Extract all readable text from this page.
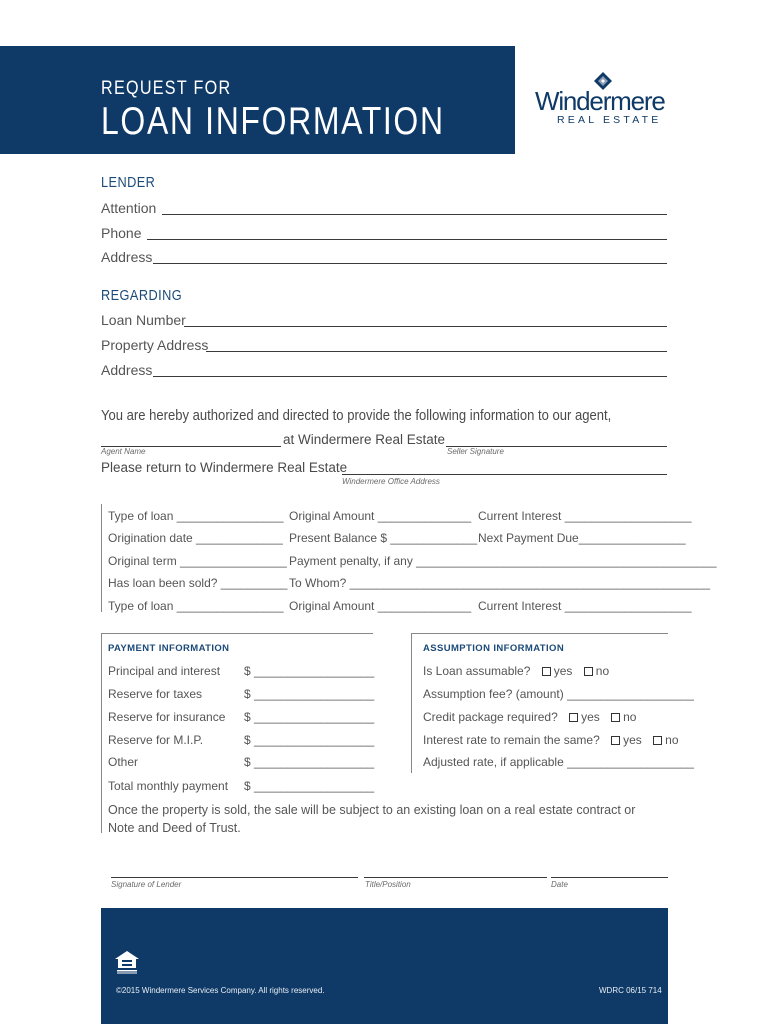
REQUEST FOR
LOAN INFORMATION	Windermere
REAL ESTATE
LENDER
Attention
Phone
Address
REGARDING
Loan Number
Property Address
Address
You are hereby authorized and directed to provide the following information to our agent,
at Windermere Real Estate
Agent Name	Seller Signature
Please return to Windermere Real Estate
Windermere Office Address
Type of loan ________________ Original Amount ______________ Current Interest ___________________
Origination date _____________ Present Balance $ _____________ Next Payment Due________________
Original term ________________ Payment penalty, if any _____________________________________________
Has loan been sold? __________ To Whom? ______________________________________________________
Type of loan ________________ Original Amount ______________ Current Interest ___________________
PAYMENT INFORMATION	ASSUMPTION INFORMATION
Principal and interest $ __________________
Reserve for taxes	$ __________________
Reserve for insurance $ __________________
Reserve for M.I.P.	$ __________________
Other	$ __________________
Total monthly payment $ __________________
Is Loan assumable? yes no
Assumption fee? (amount) ___________________
Credit package required? yes no
Interest rate to remain the same? yes no
Adjusted rate, if applicable ___________________
Once the property is sold, the sale will be subject to an existing loan on a real estate contract or
Note and Deed of Trust.
Signature of Lender	Title/Position	Date
©2015 Windermere Services Company. All rights reserved.	WDRC 06/15 714
